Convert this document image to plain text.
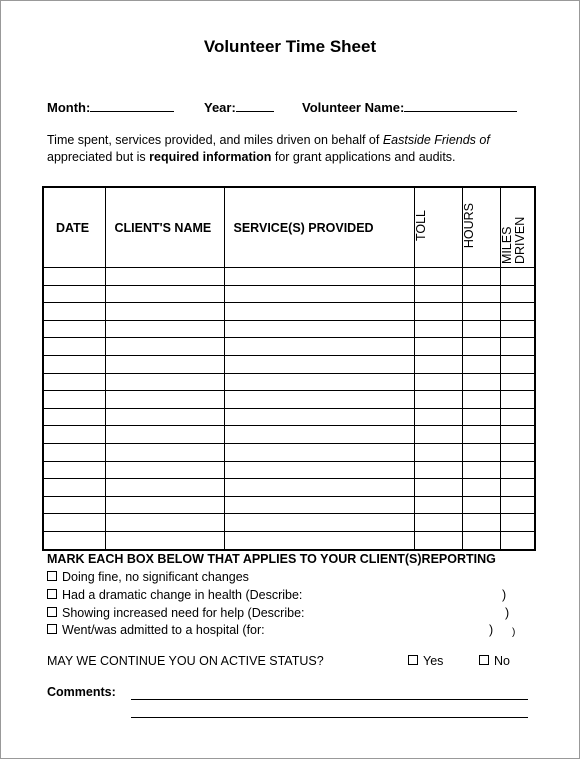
Volunteer Time Sheet
Month:	Year:	Volunteer Name:
Time spent, services provided, and miles driven on behalf of Eastside Friends of
appreciated but is required information for grant applications and audits.
DATE	CLIENT'S NAME	SERVICE(S) PROVIDED	TOLL	HOURS	MILES DRIVEN

MARK EACH BOX BELOW THAT APPLIES TO YOUR CLIENT(S)REPORTING
Doing fine, no significant changes
Had a dramatic change in health (Describe:	)
Showing increased need for help (Describe:	)
Went/was admitted to a hospital (for:	) )
MAY WE CONTINUE YOU ON ACTIVE STATUS?	Yes	No
Comments:
